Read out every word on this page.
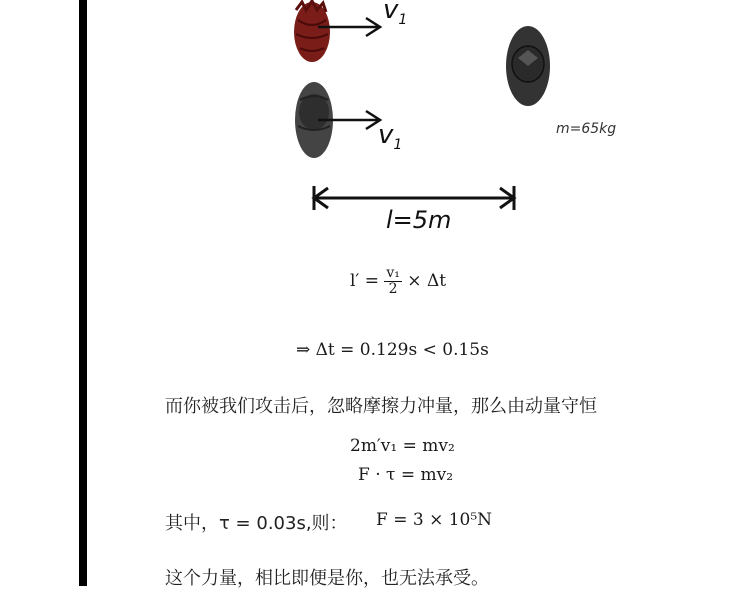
$v_1$
$v_1$
m=65kg
l=5m
$l' = \frac{\text{v₁}}{2} \times \Delta t$
⇒ Δt = 0.129s < 0.15s
而你被我们攻击后，忽略摩擦力冲量，那么由动量守恒
2m′v₁ = mv₂
F · τ = mv₂
其中，τ = 0.03s,则： F = 3 × 10⁵N
这个力量，相比即便是你，也无法承受。
